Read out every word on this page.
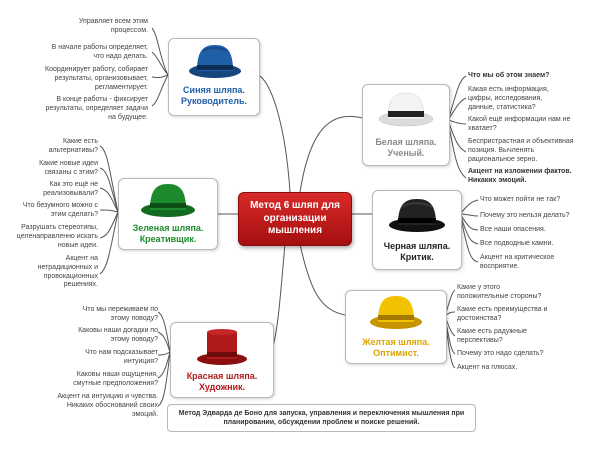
Управляет всем этим процессом.
В начале работы определяет, что надо делать.
Координирует работу, собирает результаты, организовывает, регламентирует.
В конце работы - фиксирует результаты, определяет задачи на будущее.
Синяя шляпа. Руководитель.
Белая шляпа. Ученый.
Что мы об этом знаем?
Какая есть информация, цифры, исследования, данные, статистика?
Какой ещё информации нам не хватает?
Беспристрастная и объективная позиция. Вычленять рациональное зерно.
Акцент на изложении фактов. Никаких эмоций.
Какие есть альтернативы?
Какие новые идеи связаны с этим?
Как это ещё не реализовывали?
Что безумного можно с этим сделать?
Разрушать стереотипы, целенаправленно искать новые идеи.
Акцент на нетрадиционных и провокационных решениях.
Зеленая шляпа. Креативщик.
Метод 6 шляп для организации мышления
Черная шляпа. Критик.
Что может пойти не так?
Почему это нельзя делать?
Все наши опасения.
Все подводные камни.
Акцент на критическое восприятие.
Желтая шляпа. Оптимист.
Какие у этого положительные стороны?
Какие есть преимущества и достоинства?
Какие есть радужные перспективы?
Почему это надо сделать?
Акцент на плюсах.
Что мы переживаем по этому поводу?
Каковы наши догадки по этому поводу?
Что нам подсказывает интуиция?
Каковы наши ощущения, смутные предположения?
Акцент на интуицию и чувства. Никаких обоснований своих эмоций.
Красная шляпа. Художник.
Метод Эдварда де Боно для запуска, управления и переключения мышления при планировании, обсуждении проблем и поиске решений.
